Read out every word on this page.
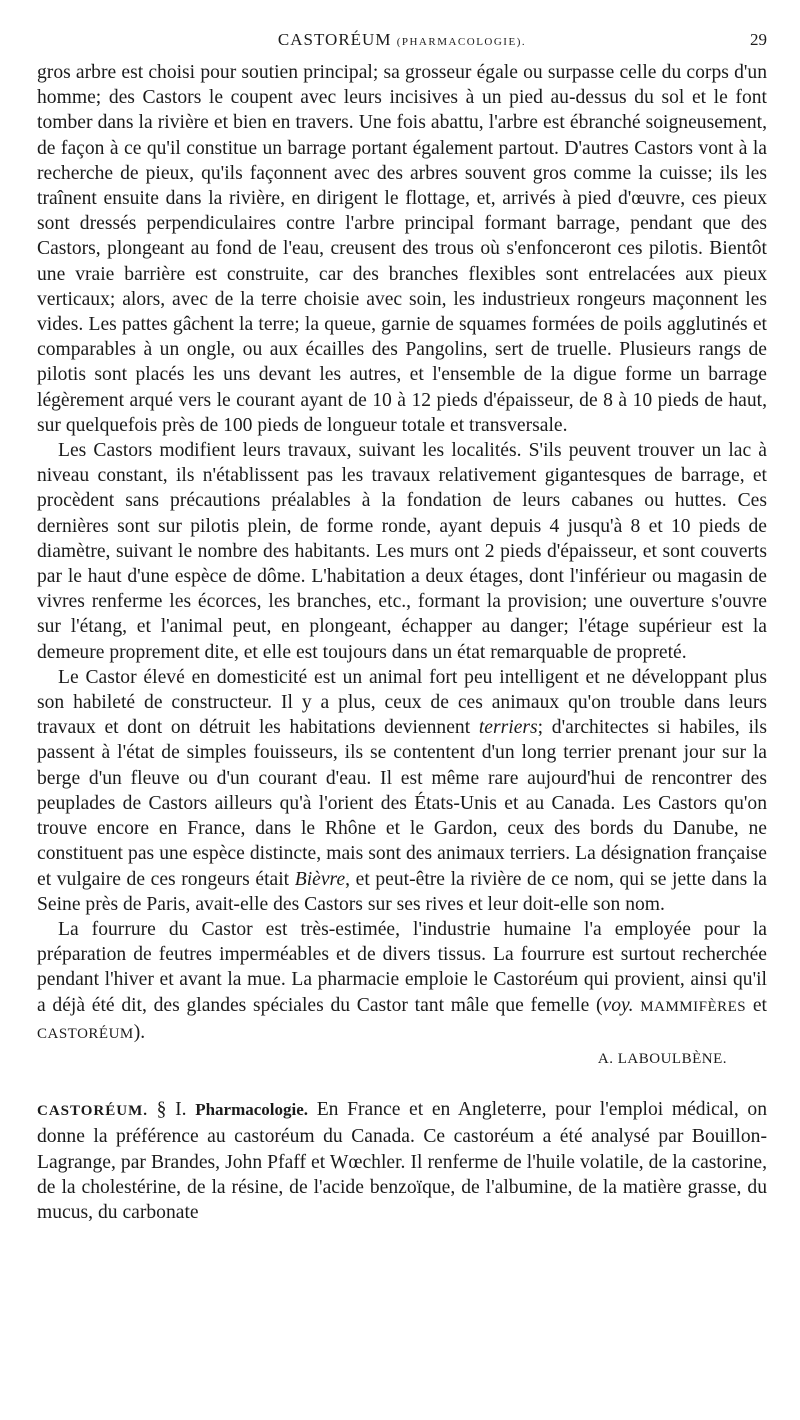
CASTORÉUM (PHARMACOLOGIE).	29

gros arbre est choisi pour soutien principal; sa grosseur égale ou surpasse celle du corps d'un homme; des Castors le coupent avec leurs incisives à un pied au-dessus du sol et le font tomber dans la rivière et bien en travers. Une fois abattu, l'arbre est ébranché soigneusement, de façon à ce qu'il constitue un barrage portant également partout. D'autres Castors vont à la recherche de pieux, qu'ils façonnent avec des arbres souvent gros comme la cuisse; ils les traînent ensuite dans la rivière, en dirigent le flottage, et, arrivés à pied d'œuvre, ces pieux sont dressés perpendiculaires contre l'arbre principal formant barrage, pendant que des Castors, plongeant au fond de l'eau, creusent des trous où s'enfonceront ces pilotis. Bientôt une vraie barrière est construite, car des branches flexibles sont entrelacées aux pieux verticaux; alors, avec de la terre choisie avec soin, les industrieux rongeurs maçonnent les vides. Les pattes gâchent la terre; la queue, garnie de squames formées de poils agglutinés et comparables à un ongle, ou aux écailles des Pangolins, sert de truelle. Plusieurs rangs de pilotis sont placés les uns devant les autres, et l'ensemble de la digue forme un barrage légèrement arqué vers le courant ayant de 10 à 12 pieds d'épaisseur, de 8 à 10 pieds de haut, sur quelquefois près de 100 pieds de longueur totale et transversale.

Les Castors modifient leurs travaux, suivant les localités. S'ils peuvent trouver un lac à niveau constant, ils n'établissent pas les travaux relativement gigantesques de barrage, et procèdent sans précautions préalables à la fondation de leurs cabanes ou huttes. Ces dernières sont sur pilotis plein, de forme ronde, ayant depuis 4 jusqu'à 8 et 10 pieds de diamètre, suivant le nombre des habitants. Les murs ont 2 pieds d'épaisseur, et sont couverts par le haut d'une espèce de dôme. L'habitation a deux étages, dont l'inférieur ou magasin de vivres renferme les écorces, les branches, etc., formant la provision; une ouverture s'ouvre sur l'étang, et l'animal peut, en plongeant, échapper au danger; l'étage supérieur est la demeure proprement dite, et elle est toujours dans un état remarquable de propreté.

Le Castor élevé en domesticité est un animal fort peu intelligent et ne développant plus son habileté de constructeur. Il y a plus, ceux de ces animaux qu'on trouble dans leurs travaux et dont on détruit les habitations deviennent terriers; d'architectes si habiles, ils passent à l'état de simples fouisseurs, ils se contentent d'un long terrier prenant jour sur la berge d'un fleuve ou d'un courant d'eau. Il est même rare aujourd'hui de rencontrer des peuplades de Castors ailleurs qu'à l'orient des États-Unis et au Canada. Les Castors qu'on trouve encore en France, dans le Rhône et le Gardon, ceux des bords du Danube, ne constituent pas une espèce distincte, mais sont des animaux terriers. La désignation française et vulgaire de ces rongeurs était Bièvre, et peut-être la rivière de ce nom, qui se jette dans la Seine près de Paris, avait-elle des Castors sur ses rives et leur doit-elle son nom.

La fourrure du Castor est très-estimée, l'industrie humaine l'a employée pour la préparation de feutres imperméables et de divers tissus. La fourrure est surtout recherchée pendant l'hiver et avant la mue. La pharmacie emploie le Castoréum qui provient, ainsi qu'il a déjà été dit, des glandes spéciales du Castor tant mâle que femelle (voy. MAMMIFÈRES et CASTORÉUM).

A. LABOULBÈNE.

CASTORÉUM. § I. Pharmacologie. En France et en Angleterre, pour l'emploi médical, on donne la préférence au castoréum du Canada. Ce castoréum a été analysé par Bouillon-Lagrange, par Brandes, John Pfaff et Wœchler. Il renferme de l'huile volatile, de la castorine, de la cholestérine, de la résine, de l'acide benzoïque, de l'albumine, de la matière grasse, du mucus, du carbonate
